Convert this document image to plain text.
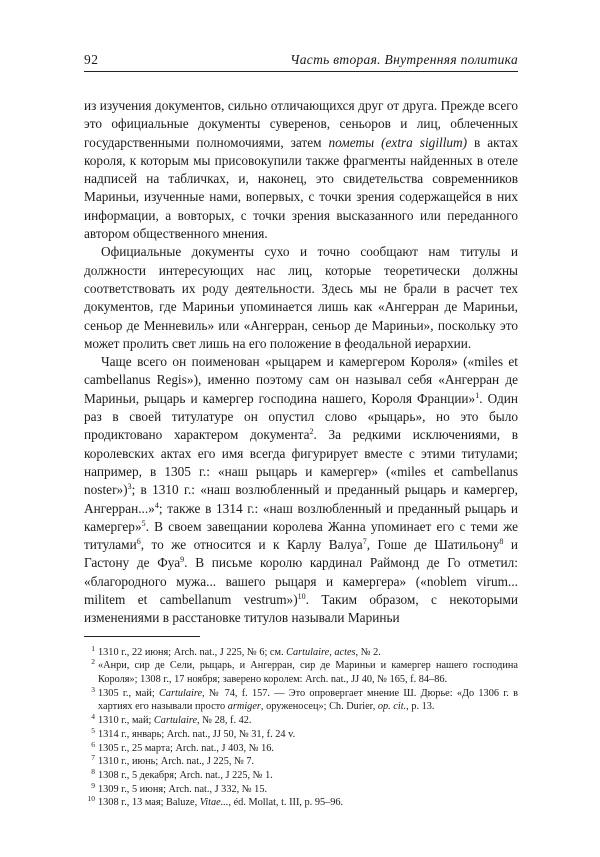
92	Часть вторая. Внутренняя политика

из изучения документов, сильно отличающихся друг от друга. Прежде всего это официальные документы суверенов, сеньоров и лиц, облеченных государственными полномочиями, затем пометы (extra sigillum) в актах короля, к которым мы присовокупили также фрагменты найденных в отеле надписей на табличках, и, наконец, это свидетельства современников Мариньи, изученные нами, вопервых, с точки зрения содержащейся в них информации, а вовторых, с точки зрения высказанного или переданного автором общественного мнения.

Официальные документы сухо и точно сообщают нам титулы и должности интересующих нас лиц, которые теоретически должны соответствовать их роду деятельности. Здесь мы не брали в расчет тех документов, где Мариньи упоминается лишь как «Ангерран де Мариньи, сеньор де Менневиль» или «Ангерран, сеньор де Мариньи», поскольку это может пролить свет лишь на его положение в феодальной иерархии.

Чаще всего он поименован «рыцарем и камергером Короля» («miles et cambellanus Regis»), именно поэтому сам он называл себя «Ангерран де Мариньи, рыцарь и камергер господина нашего, Короля Франции»$^1$. Один раз в своей титулатуре он опустил слово «рыцарь», но это было продиктовано характером документа$^2$. За редкими исключениями, в королевских актах его имя всегда фигурирует вместе с этими титулами; например, в 1305 г.: «наш рыцарь и камергер» («miles et cambellanus noster»)$^3$; в 1310 г.: «наш возлюбленный и преданный рыцарь и камергер, Ангерран...»$^4$; также в 1314 г.: «наш возлюбленный и преданный рыцарь и камергер»$^5$. В своем завещании королева Жанна упоминает его с теми же титулами$^6$, то же относится и к Карлу Валуа$^7$, Гоше де Шатильону$^8$ и Гастону де Фуа$^9$. В письме королю кардинал Раймонд де Го отметил: «благородного мужа... вашего рыцаря и камергера» («noblem virum... militem et cambellanum vestrum»)$^{10}$. Таким образом, с некоторыми изменениями в расстановке титулов называли Мариньи

1 1310 г., 22 июня; Arch. nat., J 225, № 6; см. Cartulaire, actes, № 2.
2 «Анри, сир де Сели, рыцарь, и Ангерран, сир де Мариньи и камергер нашего господина Короля»; 1308 г., 17 ноября; заверено королем: Arch. nat., JJ 40, № 165, f. 84–86.
3 1305 г., май; Cartulaire, № 74, f. 157. — Это опровергает мнение Ш. Дюрье: «До 1306 г. в хартиях его называли просто armiger, оруженосец»; Ch. Durier, op. cit., p. 13.
4 1310 г., май; Cartulaire, № 28, f. 42.
5 1314 г., январь; Arch. nat., JJ 50, № 31, f. 24 v.
6 1305 г., 25 марта; Arch. nat., J 403, № 16.
7 1310 г., июнь; Arch. nat., J 225, № 7.
8 1308 г., 5 декабря; Arch. nat., J 225, № 1.
9 1309 г., 5 июня; Arch. nat., J 332, № 15.
10 1308 г., 13 мая; Baluze, Vitae..., éd. Mollat, t. III, p. 95–96.
